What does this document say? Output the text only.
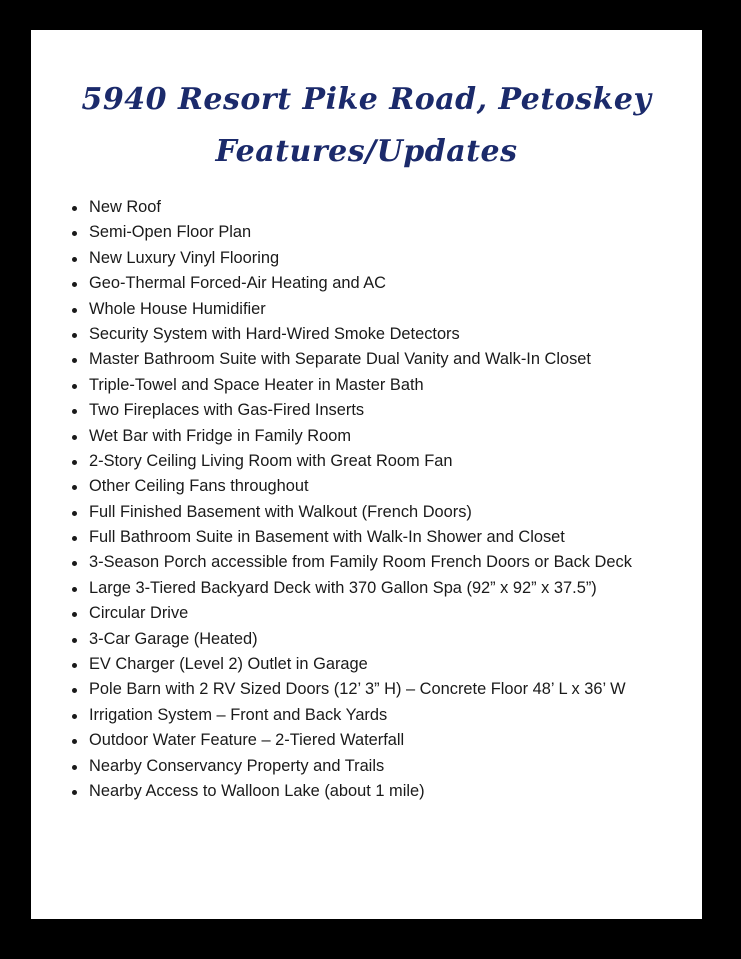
5940 Resort Pike Road, Petoskey
Features/Updates
New Roof
Semi-Open Floor Plan
New Luxury Vinyl Flooring
Geo-Thermal Forced-Air Heating and AC
Whole House Humidifier
Security System with Hard-Wired Smoke Detectors
Master Bathroom Suite with Separate Dual Vanity and Walk-In Closet
Triple-Towel and Space Heater in Master Bath
Two Fireplaces with Gas-Fired Inserts
Wet Bar with Fridge in Family Room
2-Story Ceiling Living Room with Great Room Fan
Other Ceiling Fans throughout
Full Finished Basement with Walkout (French Doors)
Full Bathroom Suite in Basement with Walk-In Shower and Closet
3-Season Porch accessible from Family Room French Doors or Back Deck
Large 3-Tiered Backyard Deck with 370 Gallon Spa (92” x 92” x 37.5”)
Circular Drive
3-Car Garage (Heated)
EV Charger (Level 2) Outlet in Garage
Pole Barn with 2 RV Sized Doors (12’ 3” H) – Concrete Floor 48’ L x 36’ W
Irrigation System – Front and Back Yards
Outdoor Water Feature – 2-Tiered Waterfall
Nearby Conservancy Property and Trails
Nearby Access to Walloon Lake (about 1 mile)
